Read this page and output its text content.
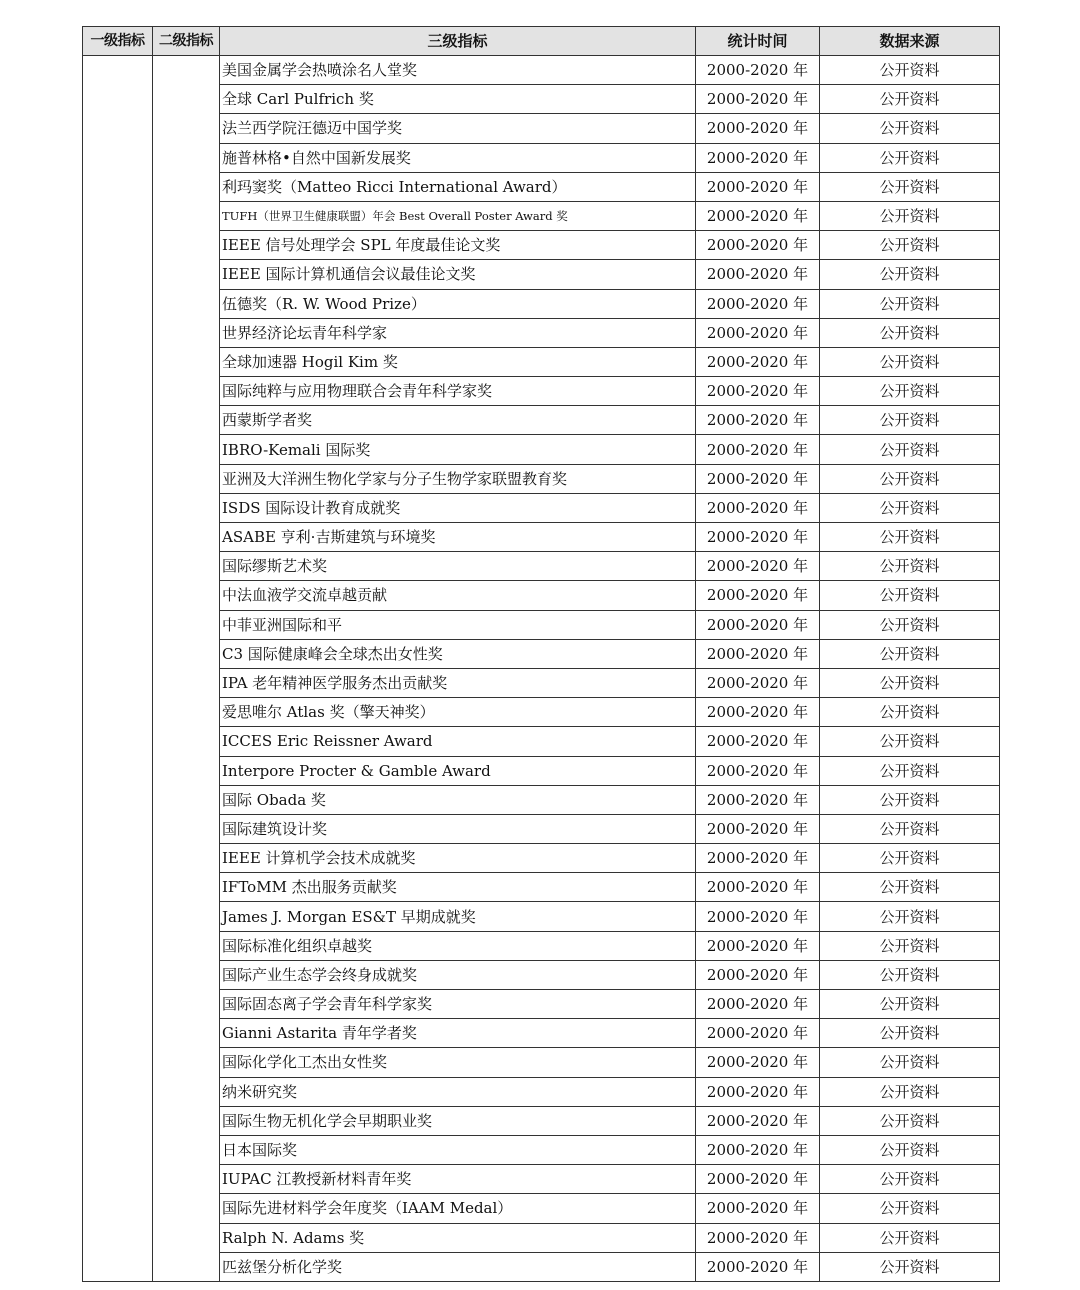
一级指标	二级指标	三级指标	统计时间	数据来源
		美国金属学会热喷涂名人堂奖	2000-2020 年	公开资料
		全球 Carl Pulfrich 奖	2000-2020 年	公开资料
		法兰西学院汪德迈中国学奖	2000-2020 年	公开资料
		施普林格•自然中国新发展奖	2000-2020 年	公开资料
		利玛窦奖（Matteo Ricci International Award）	2000-2020 年	公开资料
		TUFH（世界卫生健康联盟）年会 Best Overall Poster Award 奖	2000-2020 年	公开资料
		IEEE 信号处理学会 SPL 年度最佳论文奖	2000-2020 年	公开资料
		IEEE 国际计算机通信会议最佳论文奖	2000-2020 年	公开资料
		伍德奖（R. W. Wood Prize）	2000-2020 年	公开资料
		世界经济论坛青年科学家	2000-2020 年	公开资料
		全球加速器 Hogil Kim 奖	2000-2020 年	公开资料
		国际纯粹与应用物理联合会青年科学家奖	2000-2020 年	公开资料
		西蒙斯学者奖	2000-2020 年	公开资料
		IBRO-Kemali 国际奖	2000-2020 年	公开资料
		亚洲及大洋洲生物化学家与分子生物学家联盟教育奖	2000-2020 年	公开资料
		ISDS 国际设计教育成就奖	2000-2020 年	公开资料
		ASABE 亨利·吉斯建筑与环境奖	2000-2020 年	公开资料
		国际缪斯艺术奖	2000-2020 年	公开资料
		中法血液学交流卓越贡献	2000-2020 年	公开资料
		中菲亚洲国际和平	2000-2020 年	公开资料
		C3 国际健康峰会全球杰出女性奖	2000-2020 年	公开资料
		IPA 老年精神医学服务杰出贡献奖	2000-2020 年	公开资料
		爱思唯尔 Atlas 奖（擎天神奖）	2000-2020 年	公开资料
		ICCES Eric Reissner Award	2000-2020 年	公开资料
		Interpore Procter & Gamble Award	2000-2020 年	公开资料
		国际 Obada 奖	2000-2020 年	公开资料
		国际建筑设计奖	2000-2020 年	公开资料
		IEEE 计算机学会技术成就奖	2000-2020 年	公开资料
		IFToMM 杰出服务贡献奖	2000-2020 年	公开资料
		James J. Morgan ES&T 早期成就奖	2000-2020 年	公开资料
		国际标准化组织卓越奖	2000-2020 年	公开资料
		国际产业生态学会终身成就奖	2000-2020 年	公开资料
		国际固态离子学会青年科学家奖	2000-2020 年	公开资料
		Gianni Astarita 青年学者奖	2000-2020 年	公开资料
		国际化学化工杰出女性奖	2000-2020 年	公开资料
		纳米研究奖	2000-2020 年	公开资料
		国际生物无机化学会早期职业奖	2000-2020 年	公开资料
		日本国际奖	2000-2020 年	公开资料
		IUPAC 江教授新材料青年奖	2000-2020 年	公开资料
		国际先进材料学会年度奖（IAAM Medal）	2000-2020 年	公开资料
		Ralph N. Adams 奖	2000-2020 年	公开资料
		匹兹堡分析化学奖	2000-2020 年	公开资料
